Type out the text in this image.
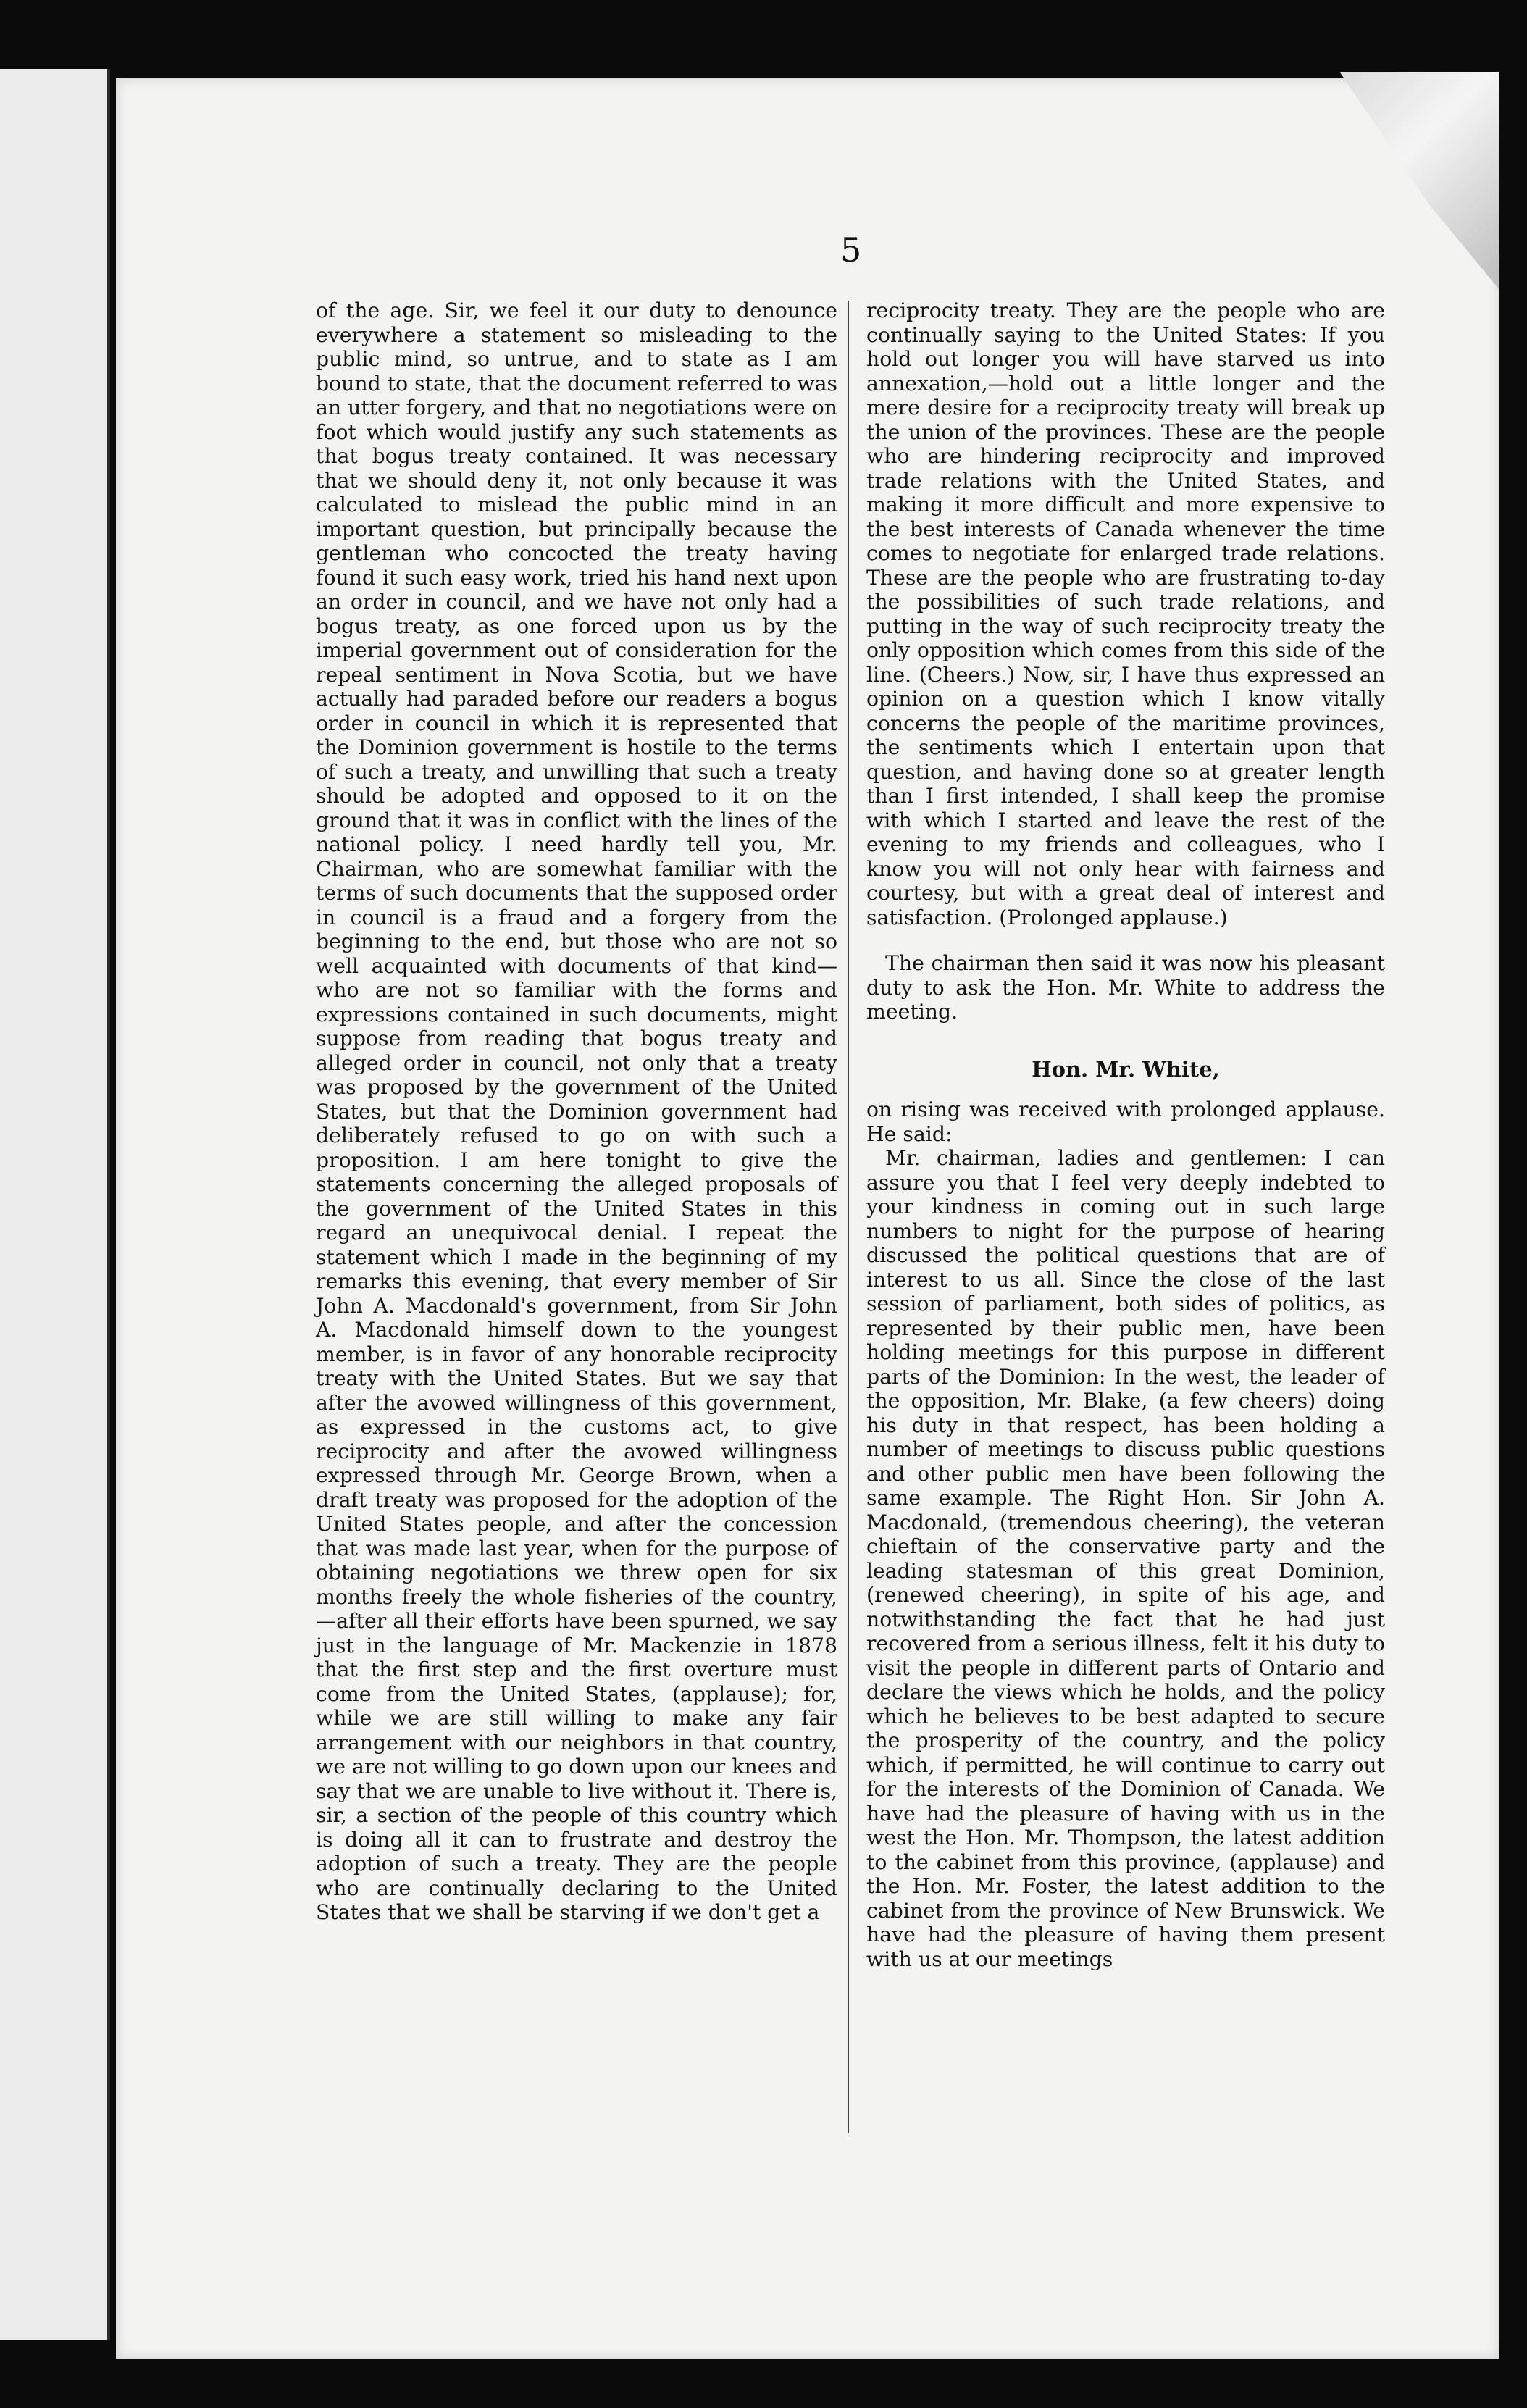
5

of the age. Sir, we feel it our duty to denounce everywhere a statement so misleading to the public mind, so untrue, and to state as I am bound to state, that the document referred to was an utter forgery, and that no negotiations were on foot which would justify any such statements as that bogus treaty contained. It was necessary that we should deny it, not only because it was calculated to mislead the public mind in an important question, but principally because the gentleman who concocted the treaty having found it such easy work, tried his hand next upon an order in council, and we have not only had a bogus treaty, as one forced upon us by the imperial government out of consideration for the repeal sentiment in Nova Scotia, but we have actually had paraded before our readers a bogus order in council in which it is represented that the Dominion government is hostile to the terms of such a treaty, and unwilling that such a treaty should be adopted and opposed to it on the ground that it was in conflict with the lines of the national policy. I need hardly tell you, Mr. Chairman, who are somewhat familiar with the terms of such documents that the supposed order in council is a fraud and a forgery from the beginning to the end, but those who are not so well acquainted with documents of that kind—who are not so familiar with the forms and expressions contained in such documents, might suppose from reading that bogus treaty and alleged order in council, not only that a treaty was proposed by the government of the United States, but that the Dominion government had deliberately refused to go on with such a proposition. I am here tonight to give the statements concerning the alleged proposals of the government of the United States in this regard an unequivocal denial. I repeat the statement which I made in the beginning of my remarks this evening, that every member of Sir John A. Macdonald's government, from Sir John A. Macdonald himself down to the youngest member, is in favor of any honorable reciprocity treaty with the United States. But we say that after the avowed willingness of this government, as expressed in the customs act, to give reciprocity and after the avowed willingness expressed through Mr. George Brown, when a draft treaty was proposed for the adoption of the United States people, and after the concession that was made last year, when for the purpose of obtaining negotiations we threw open for six months freely the whole fisheries of the country,—after all their efforts have been spurned, we say just in the language of Mr. Mackenzie in 1878 that the first step and the first overture must come from the United States, (applause); for, while we are still willing to make any fair arrangement with our neighbors in that country, we are not willing to go down upon our knees and say that we are unable to live without it. There is, sir, a section of the people of this country which is doing all it can to frustrate and destroy the adoption of such a treaty. They are the people who are continually declaring to the United States that we shall be starving if we don't get a

reciprocity treaty. They are the people who are continually saying to the United States: If you hold out longer you will have starved us into annexation,—hold out a little longer and the mere desire for a reciprocity treaty will break up the union of the provinces. These are the people who are hindering reciprocity and improved trade relations with the United States, and making it more difficult and more expensive to the best interests of Canada whenever the time comes to negotiate for enlarged trade relations. These are the people who are frustrating to-day the possibilities of such trade relations, and putting in the way of such reciprocity treaty the only opposition which comes from this side of the line. (Cheers.) Now, sir, I have thus expressed an opinion on a question which I know vitally concerns the people of the maritime provinces, the sentiments which I entertain upon that question, and having done so at greater length than I first intended, I shall keep the promise with which I started and leave the rest of the evening to my friends and colleagues, who I know you will not only hear with fairness and courtesy, but with a great deal of interest and satisfaction. (Prolonged applause.)

The chairman then said it was now his pleasant duty to ask the Hon. Mr. White to address the meeting.

Hon. Mr. White,

on rising was received with prolonged applause. He said:

Mr. chairman, ladies and gentlemen: I can assure you that I feel very deeply indebted to your kindness in coming out in such large numbers to night for the purpose of hearing discussed the political questions that are of interest to us all. Since the close of the last session of parliament, both sides of politics, as represented by their public men, have been holding meetings for this purpose in different parts of the Dominion: In the west, the leader of the opposition, Mr. Blake, (a few cheers) doing his duty in that respect, has been holding a number of meetings to discuss public questions and other public men have been following the same example. The Right Hon. Sir John A. Macdonald, (tremendous cheering), the veteran chieftain of the conservative party and the leading statesman of this great Dominion, (renewed cheering), in spite of his age, and notwithstanding the fact that he had just recovered from a serious illness, felt it his duty to visit the people in different parts of Ontario and declare the views which he holds, and the policy which he believes to be best adapted to secure the prosperity of the country, and the policy which, if permitted, he will continue to carry out for the interests of the Dominion of Canada. We have had the pleasure of having with us in the west the Hon. Mr. Thompson, the latest addition to the cabinet from this province, (applause) and the Hon. Mr. Foster, the latest addition to the cabinet from the province of New Brunswick. We have had the pleasure of having them present with us at our meetings
